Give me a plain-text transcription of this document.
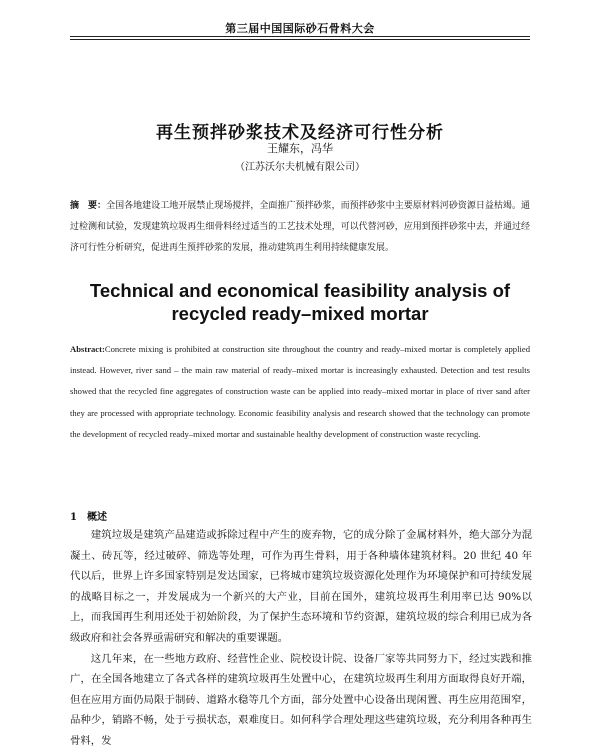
第三届中国国际砂石骨料大会
再生预拌砂浆技术及经济可行性分析
王耀东，冯华
（江苏沃尔夫机械有限公司）
摘　要：全国各地建设工地开展禁止现场搅拌，全面推广预拌砂浆，而预拌砂浆中主要原材料河砂资源日益枯竭。通过检测和试验，发现建筑垃圾再生细骨料经过适当的工艺技术处理，可以代替河砂，应用到预拌砂浆中去，并通过经济可行性分析研究，促进再生预拌砂浆的发展，推动建筑再生利用持续健康发展。
Technical and economical feasibility analysis of recycled ready–mixed mortar
Abstract:Concrete mixing is prohibited at construction site throughout the country and ready–mixed mortar is completely applied instead. However, river sand – the main raw material of ready–mixed mortar is increasingly exhausted. Detection and test results showed that the recycled fine aggregates of construction waste can be applied into ready–mixed mortar in place of river sand after they are processed with appropriate technology. Economic feasibility analysis and research showed that the technology can promote the development of recycled ready–mixed mortar and sustainable healthy development of construction waste recycling.
1　概述

建筑垃圾是建筑产品建造或拆除过程中产生的废弃物，它的成分除了金属材料外，绝大部分为混凝土、砖瓦等，经过破碎、筛选等处理，可作为再生骨料，用于各种墙体建筑材料。20 世纪 40 年代以后，世界上许多国家特别是发达国家，已将城市建筑垃圾资源化处理作为环境保护和可持续发展的战略目标之一，并发展成为一个新兴的大产业，目前在国外，建筑垃圾再生利用率已达 90%以上，而我国再生利用还处于初始阶段，为了保护生态环境和节约资源，建筑垃圾的综合利用已成为各级政府和社会各界亟需研究和解决的重要课题。

这几年来，在一些地方政府、经营性企业、院校设计院、设备厂家等共同努力下，经过实践和推广，在全国各地建立了各式各样的建筑垃圾再生处置中心，在建筑垃圾再生利用方面取得良好开端，但在应用方面仍局限于制砖、道路水稳等几个方面，部分处置中心设备出现闲置、再生应用范围窄，品种少，销路不畅，处于亏损状态，艰难度日。如何科学合理处理这些建筑垃圾，充分利用各种再生骨料，发
